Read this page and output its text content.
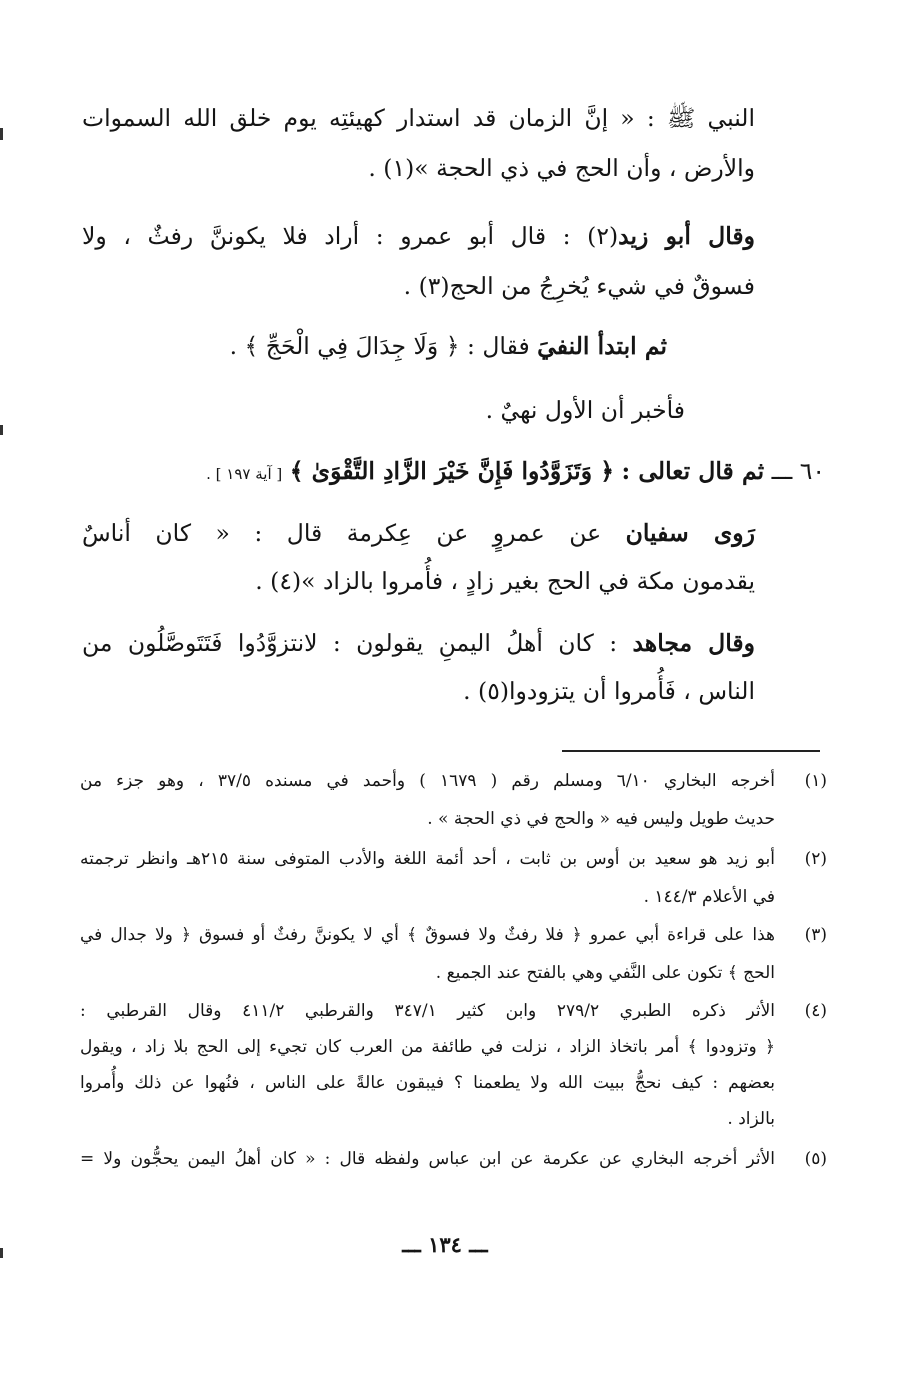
النبي ﷺ : « إنَّ الزمان قد استدار كهيئتِه يوم خلق الله السموات
والأرض ، وأن الحج في ذي الحجة »(١) .
وقال أبو زيد(٢) : قال أبو عمرو : أراد فلا يكوننَّ رفثٌ ، ولا
فسوقٌ في شيء يُخرِجُ من الحج(٣) .
ثم ابتدأ النفيَ فقال : ﴿ وَلَا جِدَالَ فِي الْحَجِّ ﴾ .
فأخبر أن الأول نهيٌ .
٦٠ ـــ ثم قال تعالى : ﴿ وَتَزَوَّدُوا فَإِنَّ خَيْرَ الزَّادِ التَّقْوَىٰ ﴾ [ آية ١٩٧ ] .
رَوى سفيان عن عمروٍ عن عِكرمة قال : « كان أناسٌ
يقدمون مكة في الحج بغير زادٍ ، فأُمروا بالزاد »(٤) .
وقال مجاهد : كان أهلُ اليمنِ يقولون : لانتزوَّدُوا فَتَتَوصَّلُون من
الناس ، فَأُمروا أن يتزودوا(٥) .
(١)
أخرجه البخاري ٦/١٠ ومسلم رقم ( ١٦٧٩ ) وأحمد في مسنده ٣٧/٥ ، وهو جزء من
حديث طويل وليس فيه « والحج في ذي الحجة » .
(٢)
أبو زيد هو سعيد بن أوس بن ثابت ، أحد أئمة اللغة والأدب المتوفى سنة ٢١٥هـ وانظر ترجمته
في الأعلام ١٤٤/٣ .
(٣)
هذا على قراءة أبي عمرو ﴿ فلا رفثٌ ولا فسوقٌ ﴾ أي لا يكوننَّ رفثٌ أو فسوق ﴿ ولا جدال في
الحج ﴾ تكون على النَّفي وهي بالفتح عند الجميع .
(٤)
الأثر ذكره الطبري ٢٧٩/٢ وابن كثير ٣٤٧/١ والقرطبي ٤١١/٢ وقال القرطبي :
﴿ وتزودوا ﴾ أمر باتخاذ الزاد ، نزلت في طائفة من العرب كان تجيء إلى الحج بلا زاد ، ويقول
بعضهم : كيف نحجُّ ببيت الله ولا يطعمنا ؟ فيبقون عالةً على الناس ، فنُهوا عن ذلك وأُمروا
بالزاد .
(٥)
الأثر أخرجه البخاري عن عكرمة عن ابن عباس ولفظه قال : « كان أهلُ اليمن يحجُّون ولا =
ـــ ١٣٤ ـــ
